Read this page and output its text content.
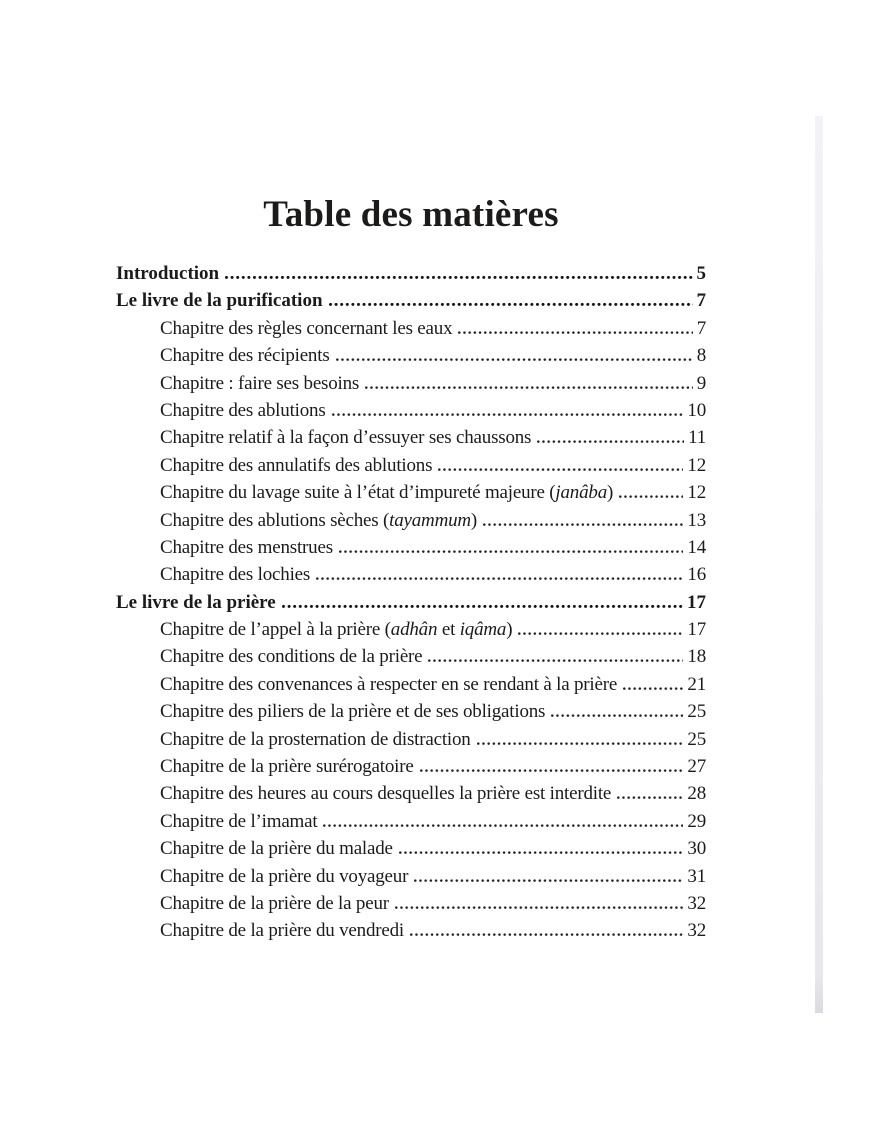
Table des matières
Introduction	5
Le livre de la purification	7
Chapitre des règles concernant les eaux	7
Chapitre des récipients	8
Chapitre : faire ses besoins	9
Chapitre des ablutions	10
Chapitre relatif à la façon d’essuyer ses chaussons	11
Chapitre des annulatifs des ablutions	12
Chapitre du lavage suite à l’état d’impureté majeure (janâba)	12
Chapitre des ablutions sèches (tayammum)	13
Chapitre des menstrues	14
Chapitre des lochies	16
Le livre de la prière	17
Chapitre de l’appel à la prière (adhân et iqâma)	17
Chapitre des conditions de la prière	18
Chapitre des convenances à respecter en se rendant à la prière	21
Chapitre des piliers de la prière et de ses obligations	25
Chapitre de la prosternation de distraction	25
Chapitre de la prière surérogatoire	27
Chapitre des heures au cours desquelles la prière est interdite	28
Chapitre de l’imamat	29
Chapitre de la prière du malade	30
Chapitre de la prière du voyageur	31
Chapitre de la prière de la peur	32
Chapitre de la prière du vendredi	32
